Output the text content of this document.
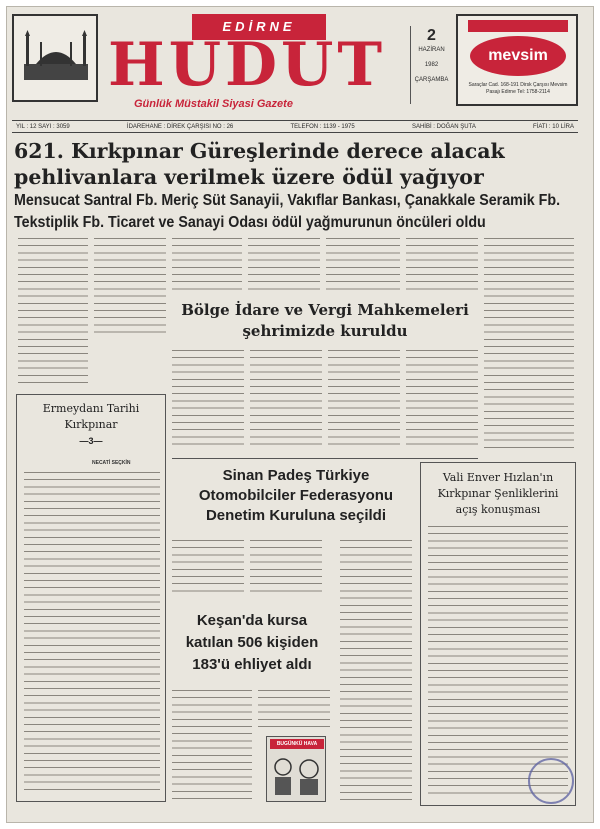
EDİRNE
HUDUT
Günlük Müstakil Siyasi Gazete
2
HAZİRAN
1982
ÇARŞAMBA
mevsim
Saraçlar Cad. 168-191 Dirsk Çarşısı Mevsim Pasajı Edirne Tel: 1758-2114
YIL : 12 SAYI : 3059	İDAREHANE : DİREK ÇARŞISI NO : 26	TELEFON : 1139 - 1975	SAHİBİ : DOĞAN ŞUTA	FİATI : 10 LİRA
621. Kırkpınar Güreşlerinde derece alacak pehlivanlara verilmek üzere ödül yağıyor
Mensucat Santral Fb. Meriç Süt Sanayii, Vakıflar Bankası, Çanakkale Seramik Fb. Tekstiplik Fb. Ticaret ve Sanayi Odası ödül yağmurunun öncüleri oldu
Bölge İdare ve Vergi Mahkemeleri şehrimizde kuruldu
Ermeydanı Tarihi
Kırkpınar
—3—
NECATİ SEÇKİN
Sinan Padeş Türkiye Otomobilciler Federasyonu Denetim Kuruluna seçildi
Keşan'da kursa katılan 506 kişiden 183'ü ehliyet aldı
BUGÜNKÜ HAVA
Vali Enver Hızlan'ın Kırkpınar Şenliklerini açış konuşması
